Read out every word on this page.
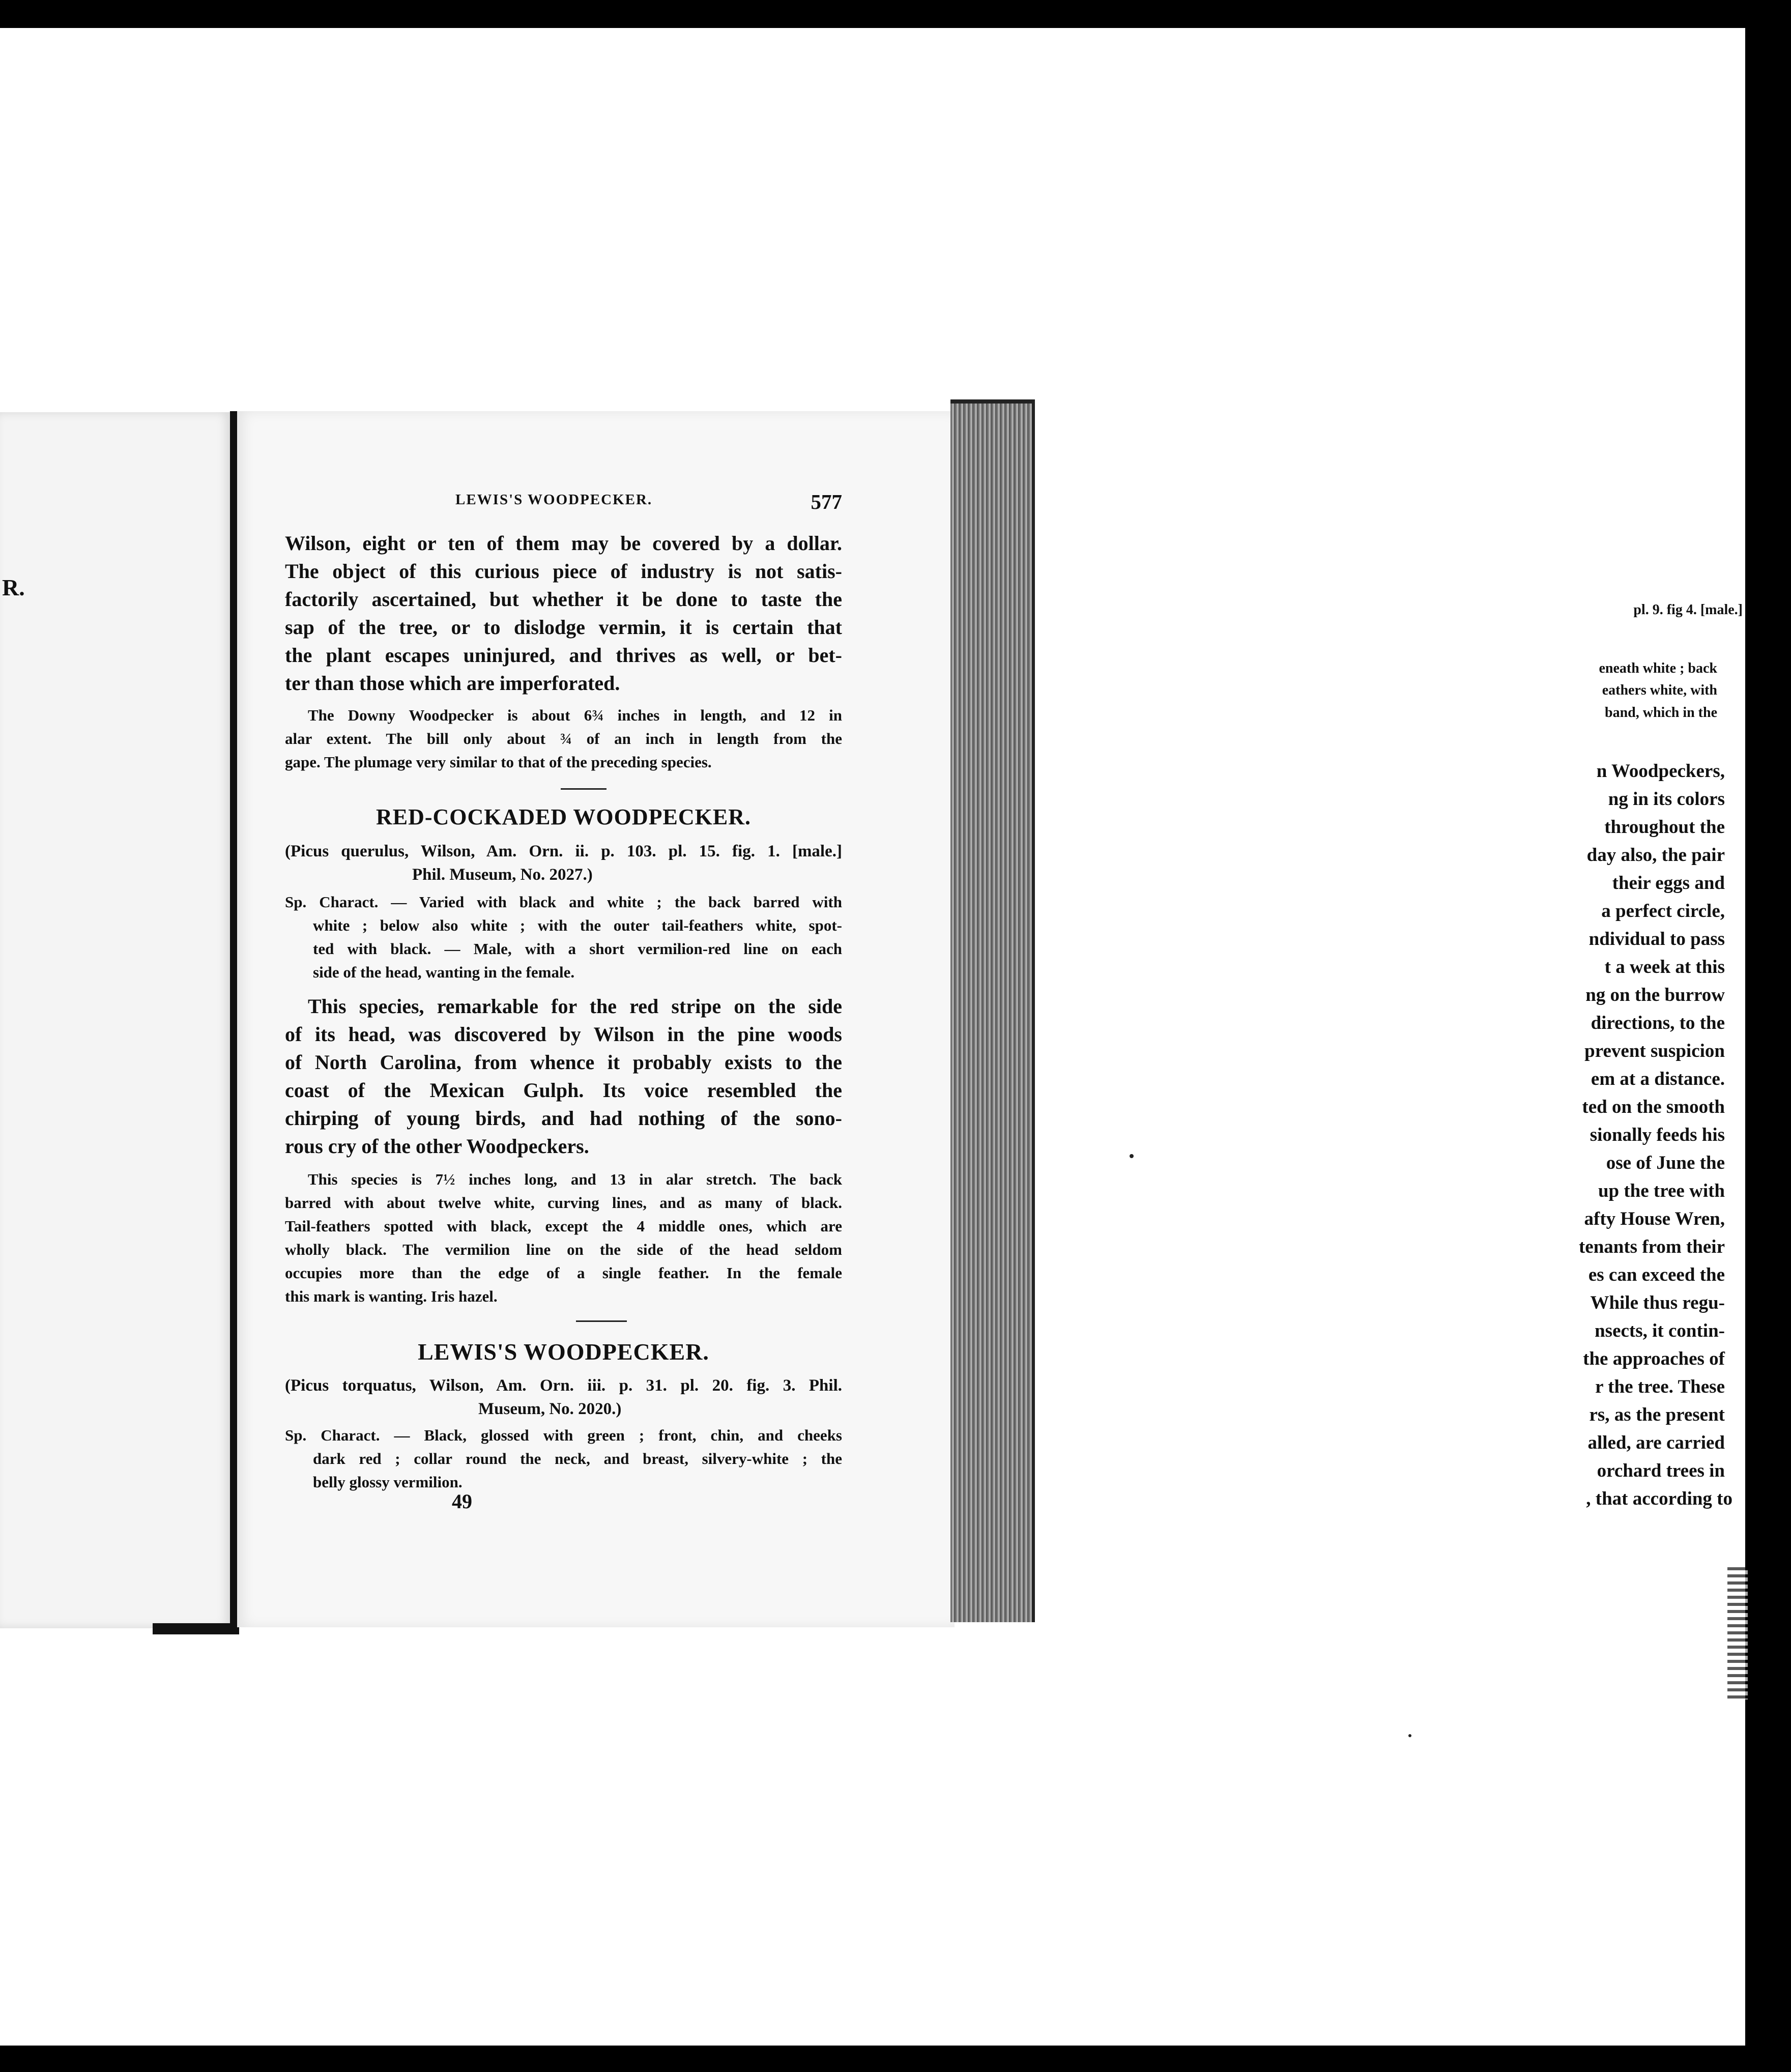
R.
pl. 9. fig 4. [male.]
eneath white ; back
eathers white, with
band, which in the
n Woodpeckers,
ng in its colors
throughout the
day also, the pair
their eggs and
a perfect circle,
ndividual to pass
t a week at this
ng on the burrow
directions, to the
prevent suspicion
em at a distance.
ted on the smooth
sionally feeds his
ose of June the
up the tree with
afty House Wren,
tenants from their
es can exceed the
While thus regu-
nsects, it contin-
the approaches of
r the tree. These
rs, as the present
alled, are carried
orchard trees in
, that according to
LEWIS'S WOODPECKER.	577
Wilson, eight or ten of them may be covered by a dollar.
The object of this curious piece of industry is not satis-
factorily ascertained, but whether it be done to taste the
sap of the tree, or to dislodge vermin, it is certain that
the plant escapes uninjured, and thrives as well, or bet-
ter than those which are imperforated.
The Downy Woodpecker is about 6¾ inches in length, and 12 in
alar extent. The bill only about ¾ of an inch in length from the
gape. The plumage very similar to that of the preceding species.
RED-COCKADED WOODPECKER.
(Picus querulus, Wilson, Am. Orn. ii. p. 103. pl. 15. fig. 1. [male.]
Phil. Museum, No. 2027.)
Sp. Charact. — Varied with black and white ; the back barred with
white ; below also white ; with the outer tail-feathers white, spot-
ted with black. — Male, with a short vermilion-red line on each
side of the head, wanting in the female.
This species, remarkable for the red stripe on the side
of its head, was discovered by Wilson in the pine woods
of North Carolina, from whence it probably exists to the
coast of the Mexican Gulph. Its voice resembled the
chirping of young birds, and had nothing of the sono-
rous cry of the other Woodpeckers.
This species is 7½ inches long, and 13 in alar stretch. The back
barred with about twelve white, curving lines, and as many of black.
Tail-feathers spotted with black, except the 4 middle ones, which are
wholly black. The vermilion line on the side of the head seldom
occupies more than the edge of a single feather. In the female
this mark is wanting. Iris hazel.
LEWIS'S WOODPECKER.
(Picus torquatus, Wilson, Am. Orn. iii. p. 31. pl. 20. fig. 3. Phil.
Museum, No. 2020.)
Sp. Charact. — Black, glossed with green ; front, chin, and cheeks
dark red ; collar round the neck, and breast, silvery-white ; the
belly glossy vermilion.
49
